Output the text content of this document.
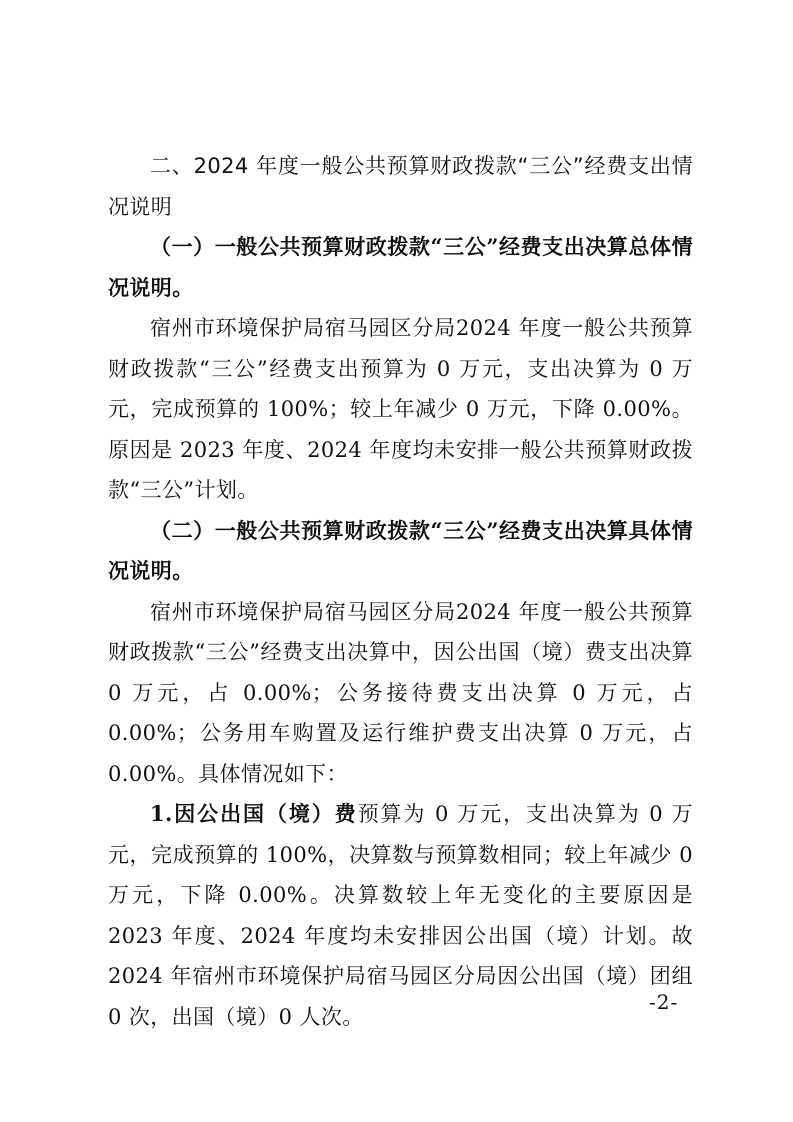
二、2024 年度一般公共预算财政拨款“三公”经费支出情况说明

（一）一般公共预算财政拨款“三公”经费支出决算总体情况说明。

宿州市环境保护局宿马园区分局2024 年度一般公共预算财政拨款“三公”经费支出预算为 0 万元，支出决算为 0 万元，完成预算的 100%；较上年减少 0 万元，下降 0.00%。原因是 2023 年度、2024 年度均未安排一般公共预算财政拨款“三公”计划。

（二）一般公共预算财政拨款“三公”经费支出决算具体情况说明。

宿州市环境保护局宿马园区分局2024 年度一般公共预算财政拨款“三公”经费支出决算中，因公出国（境）费支出决算 0 万元，占 0.00%；公务接待费支出决算 0 万元，占 0.00%；公务用车购置及运行维护费支出决算 0 万元，占 0.00%。具体情况如下：

1.因公出国（境）费预算为 0 万元，支出决算为 0 万元，完成预算的 100%，决算数与预算数相同；较上年减少 0 万元，下降 0.00%。决算数较上年无变化的主要原因是 2023 年度、2024 年度均未安排因公出国（境）计划。故 2024 年宿州市环境保护局宿马园区分局因公出国（境）团组 0 次，出国（境）0 人次。

-2-
